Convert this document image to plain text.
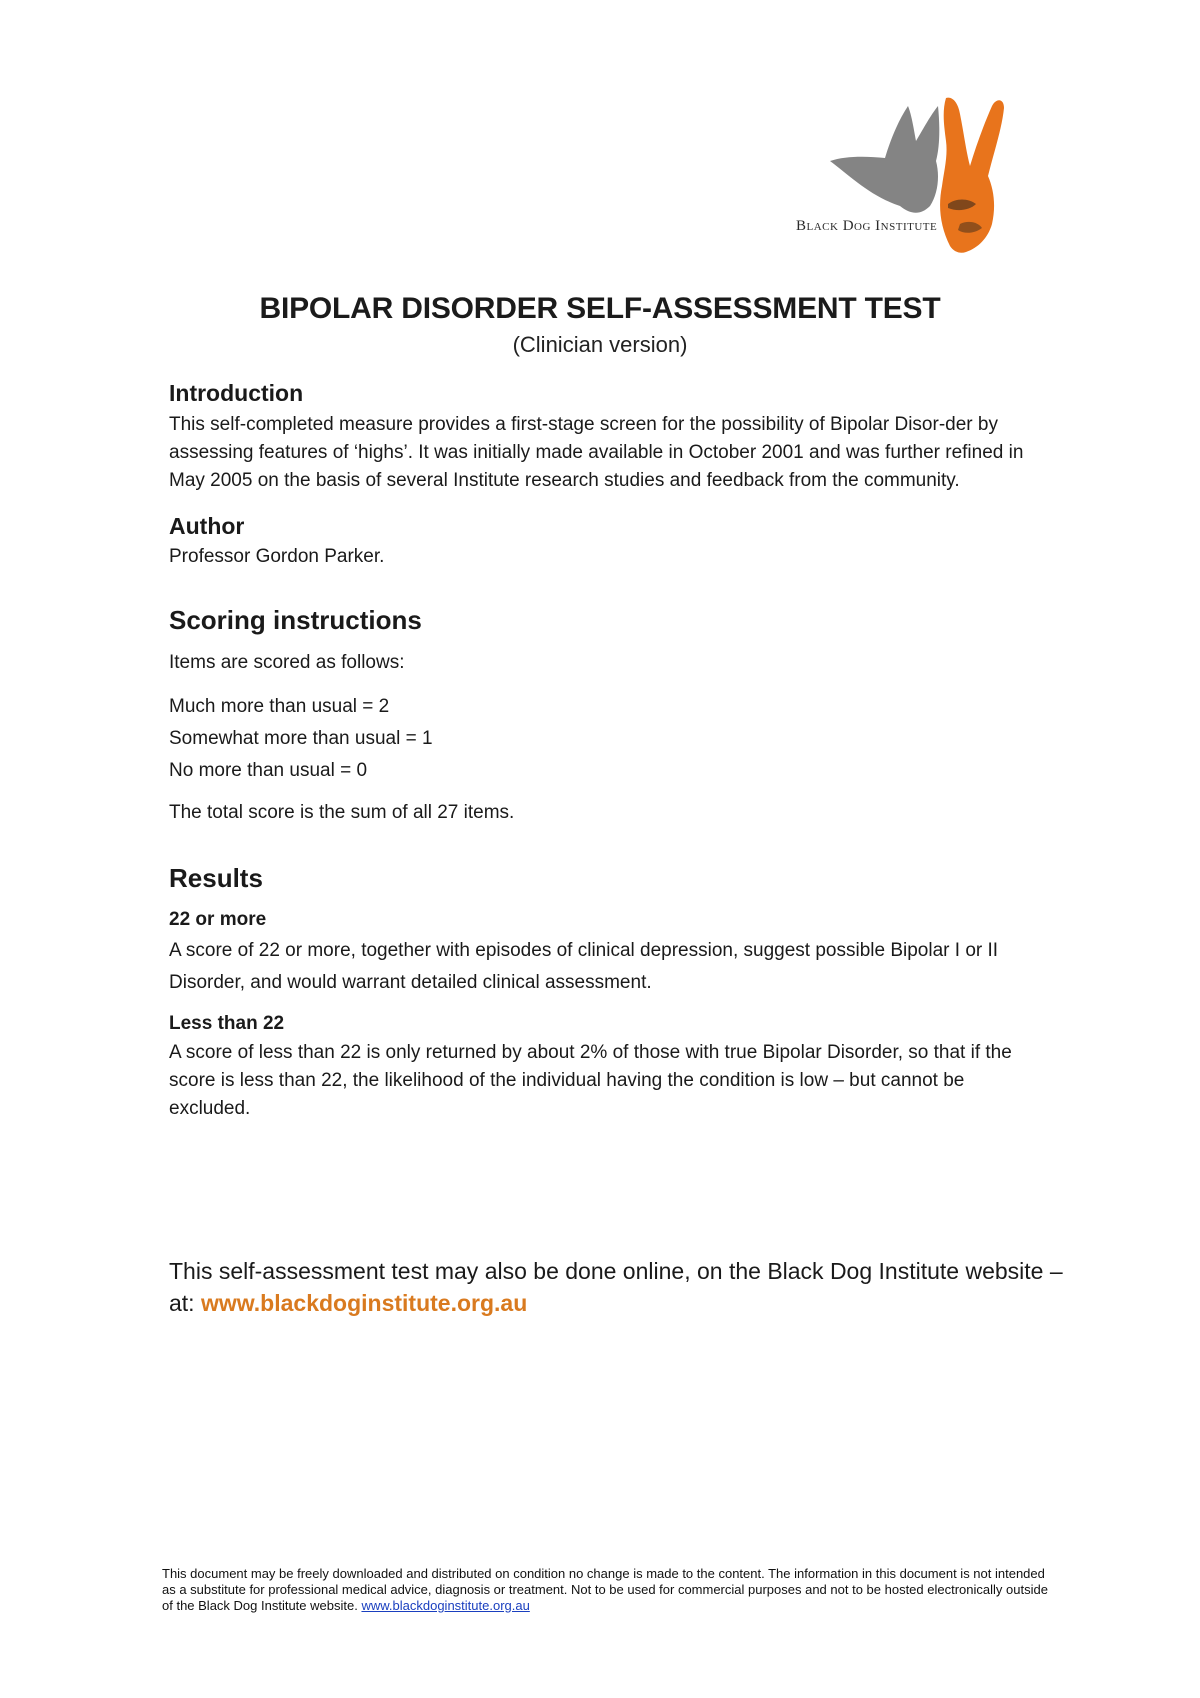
Black Dog Institute
BIPOLAR DISORDER SELF-ASSESSMENT TEST
(Clinician version)
Introduction
This self-completed measure provides a first-stage screen for the possibility of Bipolar Disor-der by assessing features of ‘highs’. It was initially made available in October 2001 and was further refined in May 2005 on the basis of several Institute research studies and feedback from the community.
Author
Professor Gordon Parker.
Scoring instructions
Items are scored as follows:
Much more than usual = 2
Somewhat more than usual = 1
No more than usual = 0
The total score is the sum of all 27 items.
Results
22 or more
A score of 22 or more, together with episodes of clinical depression, suggest possible Bipolar I or II Disorder, and would warrant detailed clinical assessment.
Less than 22
A score of less than 22 is only returned by about 2% of those with true Bipolar Disorder, so that if the score is less than 22, the likelihood of the individual having the condition is low – but cannot be excluded.
This self-assessment test may also be done online, on the Black Dog Institute website – at: www.blackdoginstitute.org.au
This document may be freely downloaded and distributed on condition no change is made to the content. The information in this document is not intended as a substitute for professional medical advice, diagnosis or treatment. Not to be used for commercial purposes and not to be hosted electronically outside of the Black Dog Institute website. www.blackdoginstitute.org.au
